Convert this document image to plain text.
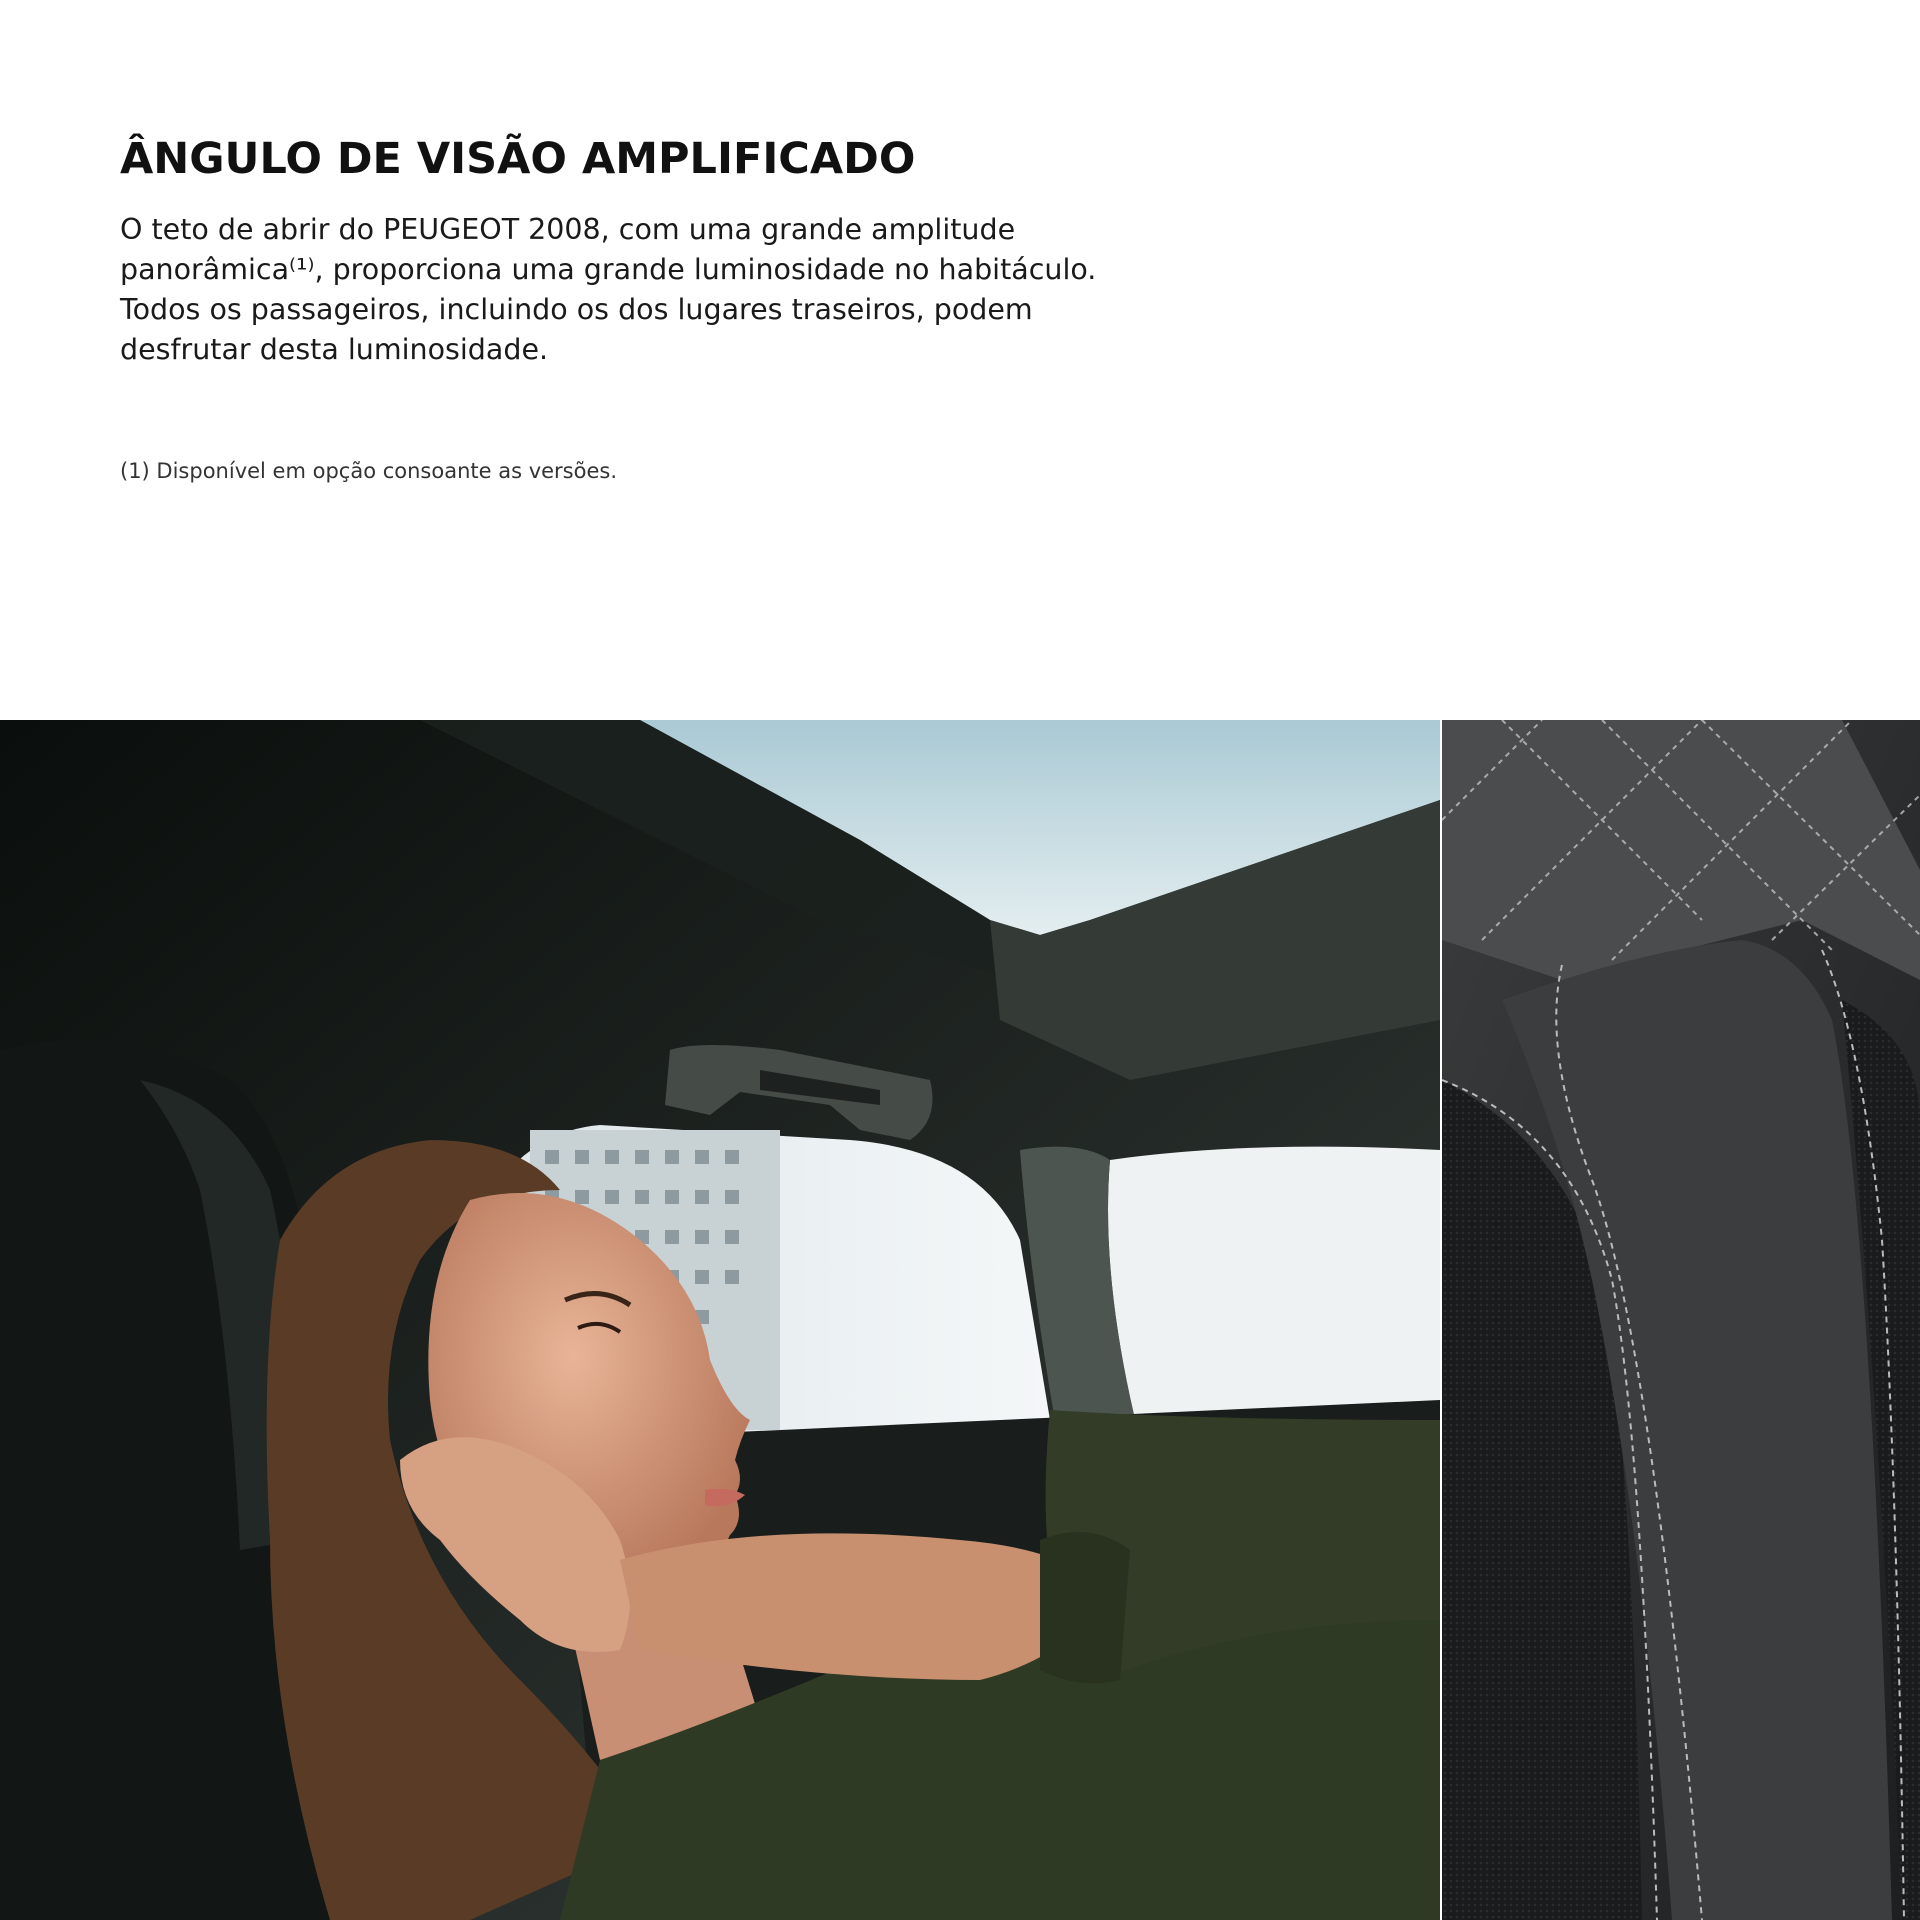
ÂNGULO DE VISÃO AMPLIFICADO

O teto de abrir do PEUGEOT 2008, com uma grande amplitude
panorâmica⁽¹⁾, proporciona uma grande luminosidade no habitáculo.
Todos os passageiros, incluindo os dos lugares traseiros, podem
desfrutar desta luminosidade.

(1) Disponível em opção consoante as versões.
